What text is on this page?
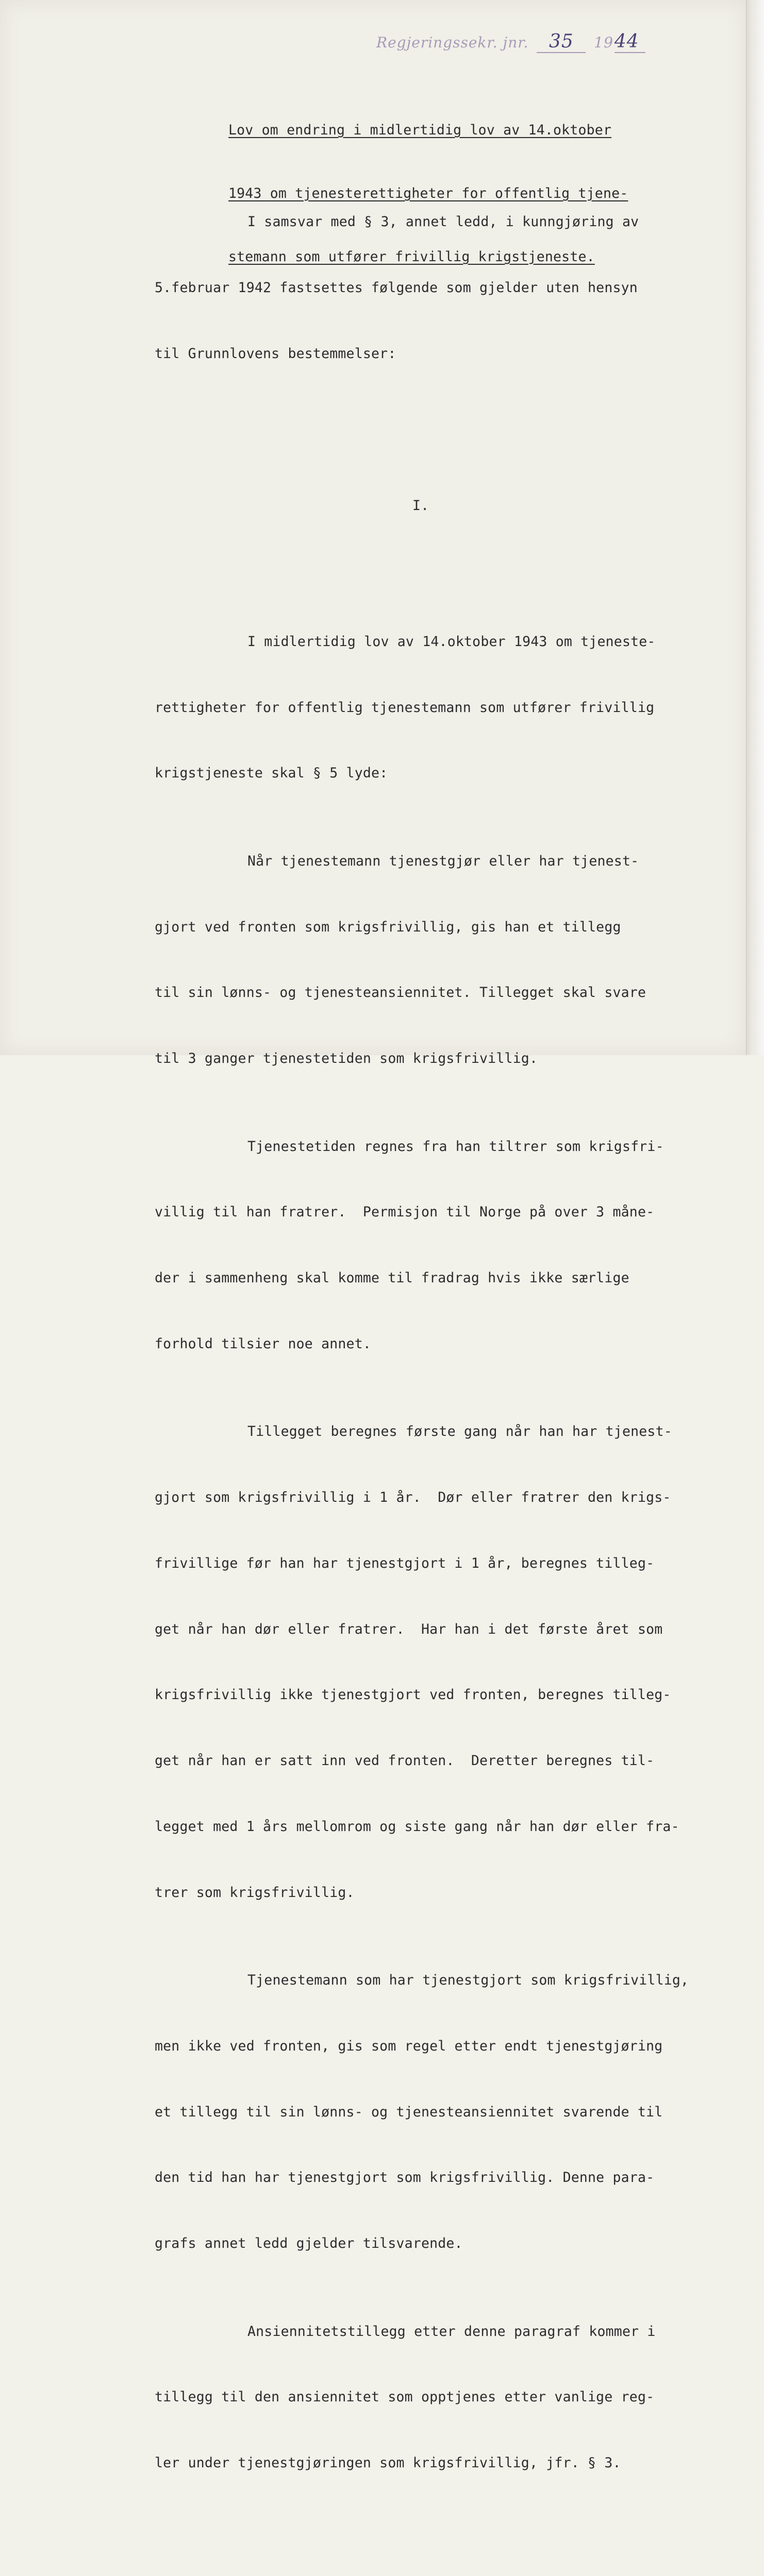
Regjeringssekr. jnr. 35 1944

Lov om endring i midlertidig lov av 14.oktober

1943 om tjenesterettigheter for offentlig tjene-

stemann som utfører frivillig krigstjeneste.

I samsvar med § 3, annet ledd, i kunngjøring av

5.februar 1942 fastsettes følgende som gjelder uten hensyn

til Grunnlovens bestemmelser:

I.

I midlertidig lov av 14.oktober 1943 om tjeneste-

rettigheter for offentlig tjenestemann som utfører frivillig

krigstjeneste skal § 5 lyde:

Når tjenestemann tjenestgjør eller har tjenest-

gjort ved fronten som krigsfrivillig, gis han et tillegg

til sin lønns- og tjenesteansiennitet. Tillegget skal svare

til 3 ganger tjenestetiden som krigsfrivillig.

Tjenestetiden regnes fra han tiltrer som krigsfri-

villig til han fratrer.  Permisjon til Norge på over 3 måne-

der i sammenheng skal komme til fradrag hvis ikke særlige

forhold tilsier noe annet.

Tillegget beregnes første gang når han har tjenest-

gjort som krigsfrivillig i 1 år.  Dør eller fratrer den krigs-

frivillige før han har tjenestgjort i 1 år, beregnes tilleg-

get når han dør eller fratrer.  Har han i det første året som

krigsfrivillig ikke tjenestgjort ved fronten, beregnes tilleg-

get når han er satt inn ved fronten.  Deretter beregnes til-

legget med 1 års mellomrom og siste gang når han dør eller fra-

trer som krigsfrivillig.

Tjenestemann som har tjenestgjort som krigsfrivillig,

men ikke ved fronten, gis som regel etter endt tjenestgjøring

et tillegg til sin lønns- og tjenesteansiennitet svarende til

den tid han har tjenestgjort som krigsfrivillig. Denne para-

grafs annet ledd gjelder tilsvarende.

Ansiennitetstillegg etter denne paragraf kommer i

tillegg til den ansiennitet som opptjenes etter vanlige reg-

ler under tjenestgjøringen som krigsfrivillig, jfr. § 3.
